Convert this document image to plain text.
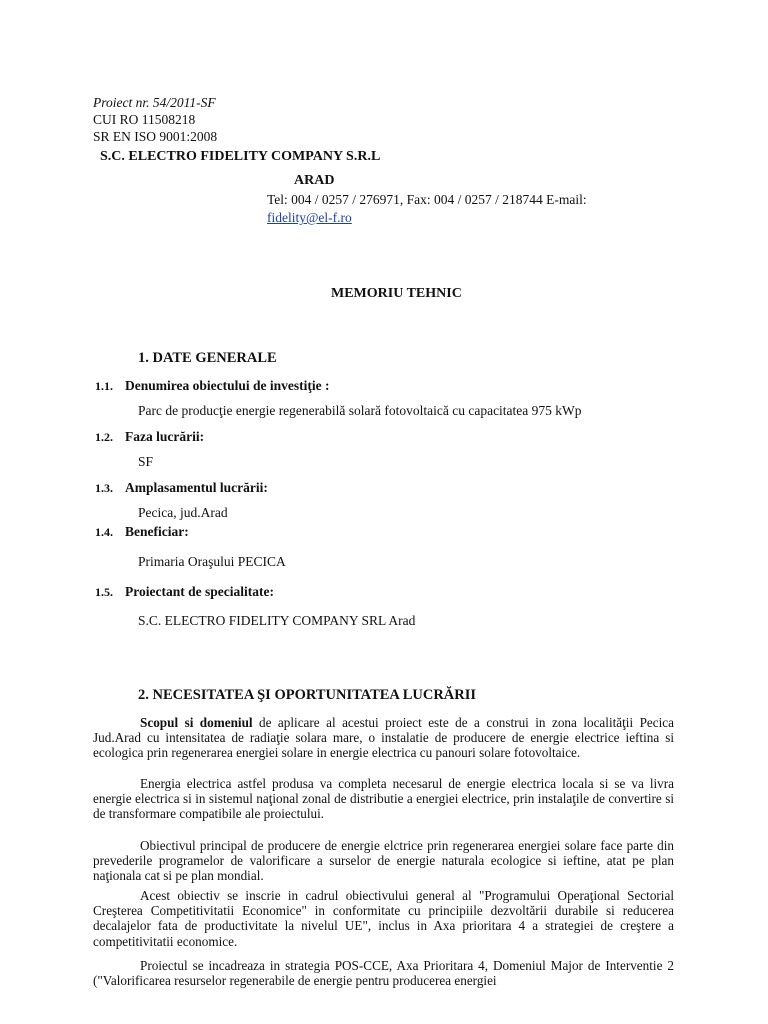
Proiect nr. 54/2011-SF
CUI RO 11508218
SR EN ISO 9001:2008
S.C. ELECTRO FIDELITY COMPANY S.R.L
ARAD
Tel: 004 / 0257 / 276971, Fax: 004 / 0257 / 218744 E-mail:
fidelity@el-f.ro
MEMORIU TEHNIC
1. DATE GENERALE
1.1. Denumirea obiectului de investiţie :
Parc de producţie energie regenerabilă solară fotovoltaică cu capacitatea 975 kWp
1.2. Faza lucrării:
SF
1.3. Amplasamentul lucrării:
Pecica, jud.Arad
1.4. Beneficiar:
Primaria Oraşului PECICA
1.5. Proiectant de specialitate:
S.C. ELECTRO FIDELITY COMPANY SRL Arad
2. NECESITATEA ŞI OPORTUNITATEA LUCRĂRII
Scopul si domeniul de aplicare al acestui proiect este de a construi in zona localităţii Pecica Jud.Arad cu intensitatea de radiaţie solara mare, o instalatie de producere de energie electrice ieftina si ecologica prin regenerarea energiei solare in energie electrica cu panouri solare fotovoltaice.
Energia electrica astfel produsa va completa necesarul de energie electrica locala si se va livra energie electrica si in sistemul naţional zonal de distributie a energiei electrice, prin instalaţile de convertire si de transformare compatibile ale proiectului.
Obiectivul principal de producere de energie elctrice prin regenerarea energiei solare face parte din prevederile programelor de valorificare a surselor de energie naturala ecologice si ieftine, atat pe plan naţionala cat si pe plan mondial.
Acest obiectiv se inscrie in cadrul obiectivului general al "Programului Operaţional Sectorial Creşterea Competitivitatii Economice" in conformitate cu principiile dezvoltării durabile si reducerea decalajelor fata de productivitate la nivelul UE", inclus in Axa prioritara 4 a strategiei de creştere a competitivitatii economice.
Proiectul se incadreaza in strategia POS-CCE, Axa Prioritara 4, Domeniul Major de Interventie 2 ("Valorificarea resurselor regenerabile de energie pentru producerea energiei
